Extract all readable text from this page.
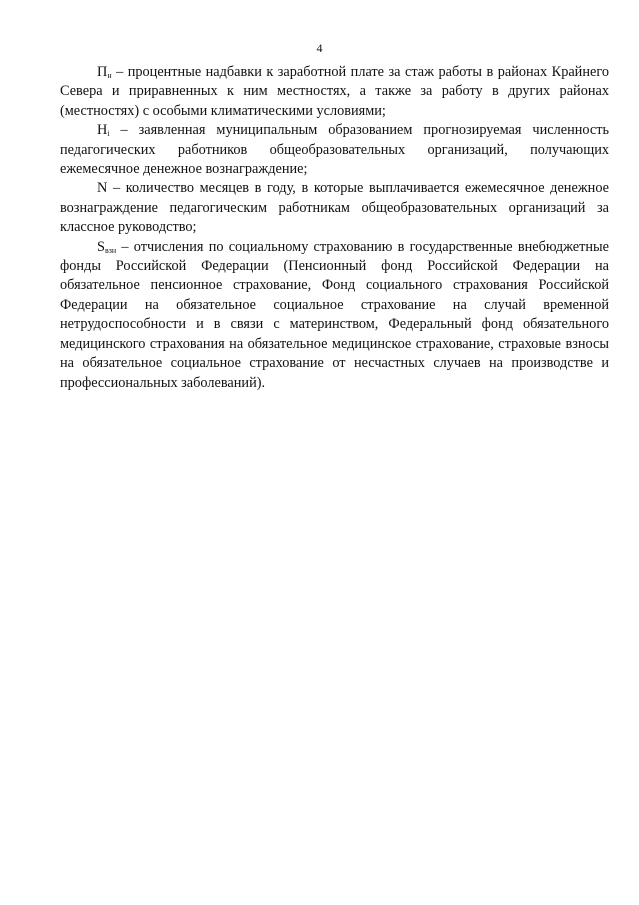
4

$П_н$ – процентные надбавки к заработной плате за стаж работы в районах Крайнего Севера и приравненных к ним местностях, а также за работу в других районах (местностях) с особыми климатическими условиями;

$Н_i$ – заявленная муниципальным образованием прогнозируемая численность педагогических работников общеобразовательных организаций, получающих ежемесячное денежное вознаграждение;

N – количество месяцев в году, в которые выплачивается ежемесячное денежное вознаграждение педагогическим работникам общеобразовательных организаций за классное руководство;

$S_{взн}$ – отчисления по социальному страхованию в государственные внебюджетные фонды Российской Федерации (Пенсионный фонд Российской Федерации на обязательное пенсионное страхование, Фонд социального страхования Российской Федерации на обязательное социальное страхование на случай временной нетрудоспособности и в связи с материнством, Федеральный фонд обязательного медицинского страхования на обязательное медицинское страхование, страховые взносы на обязательное социальное страхование от несчастных случаев на производстве и профессиональных заболеваний).
